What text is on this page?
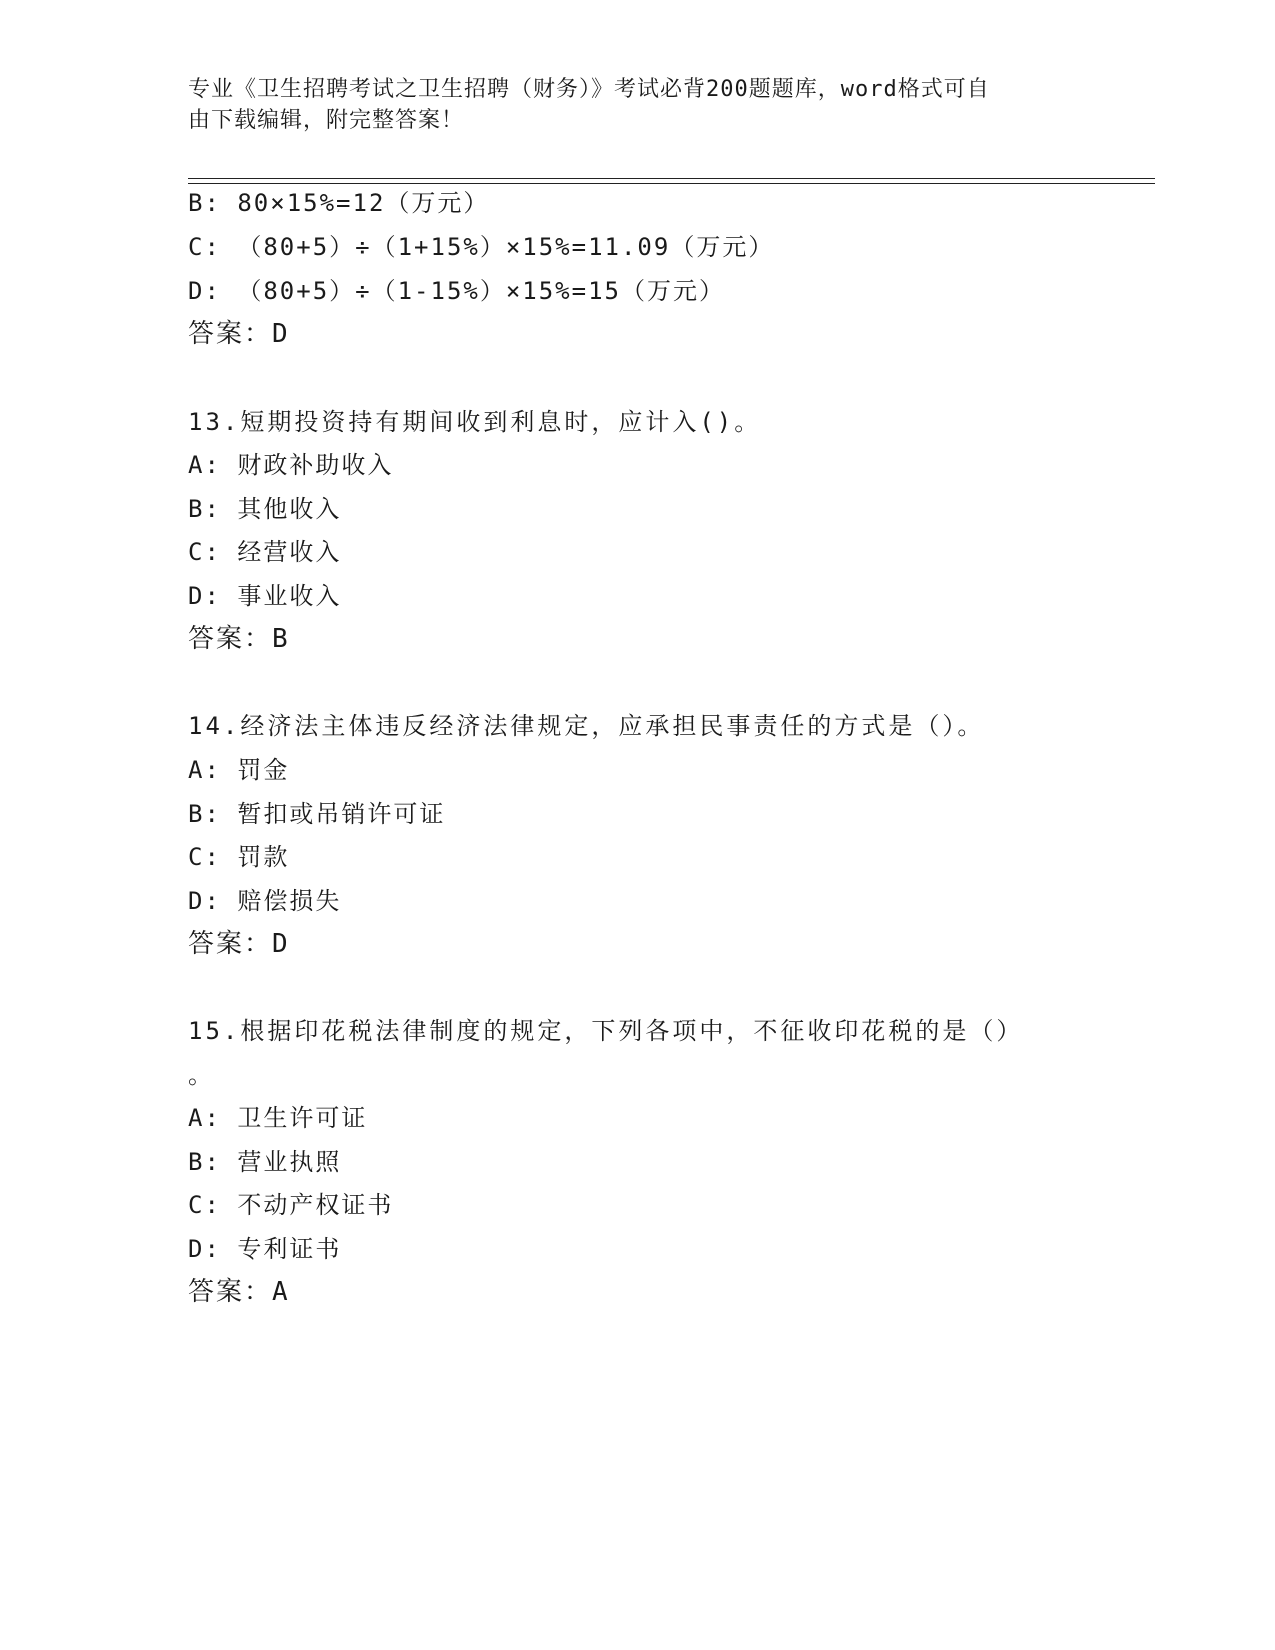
专业《卫生招聘考试之卫生招聘（财务）》考试必背200题题库，word格式可自
由下载编辑，附完整答案！
B: 80×15%=12（万元）
C: （80+5）÷（1+15%）×15%=11.09（万元）
D: （80+5）÷（1-15%）×15%=15（万元）
答案：D
13.短期投资持有期间收到利息时，应计入()。
A: 财政补助收入
B: 其他收入
C: 经营收入
D: 事业收入
答案：B
14.经济法主体违反经济法律规定，应承担民事责任的方式是（）。
A: 罚金
B: 暂扣或吊销许可证
C: 罚款
D: 赔偿损失
答案：D
15.根据印花税法律制度的规定，下列各项中，不征收印花税的是（）
。
A: 卫生许可证
B: 营业执照
C: 不动产权证书
D: 专利证书
答案：A
